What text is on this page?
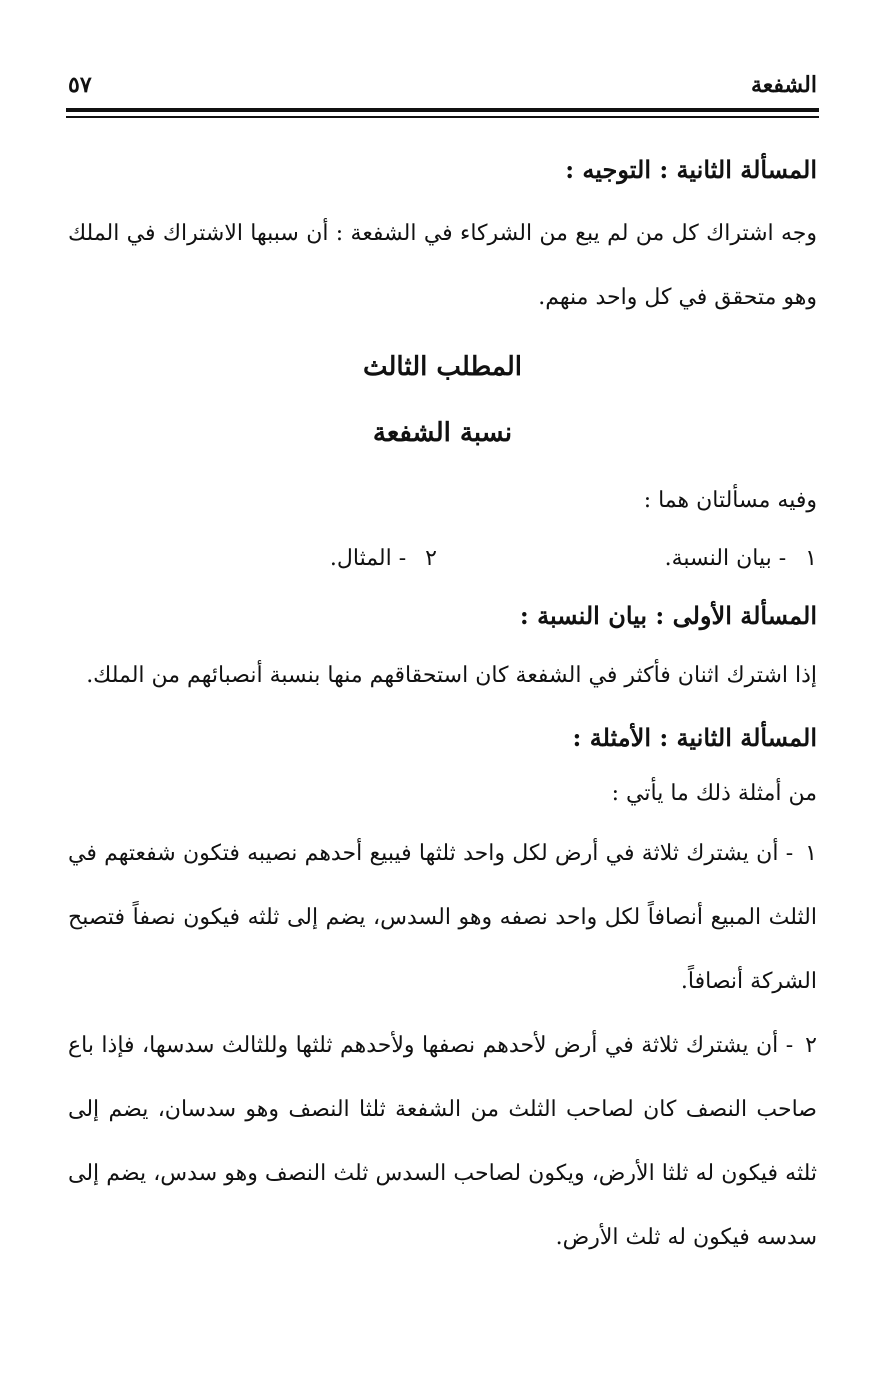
الشفعة
٥٧

المسألة الثانية : التوجيه :

وجه اشتراك كل من لم يبع من الشركاء في الشفعة : أن سببها الاشتراك في الملك وهو متحقق في كل واحد منهم.

المطلب الثالث

نسبة الشفعة

وفيه مسألتان هما :

١ - بيان النسبة.
٢ - المثال.

المسألة الأولى : بيان النسبة :

إذا اشترك اثنان فأكثر في الشفعة كان استحقاقهم منها بنسبة أنصبائهم من الملك.

المسألة الثانية : الأمثلة :

من أمثلة ذلك ما يأتي :

١- أن يشترك ثلاثة في أرض لكل واحد ثلثها فيبيع أحدهم نصيبه فتكون شفعتهم في الثلث المبيع أنصافاً لكل واحد نصفه وهو السدس، يضم إلى ثلثه فيكون نصفاً فتصبح الشركة أنصافاً.

٢- أن يشترك ثلاثة في أرض لأحدهم نصفها ولأحدهم ثلثها وللثالث سدسها، فإذا باع صاحب النصف كان لصاحب الثلث من الشفعة ثلثا النصف وهو سدسان، يضم إلى ثلثه فيكون له ثلثا الأرض، ويكون لصاحب السدس ثلث النصف وهو سدس، يضم إلى سدسه فيكون له ثلث الأرض.
